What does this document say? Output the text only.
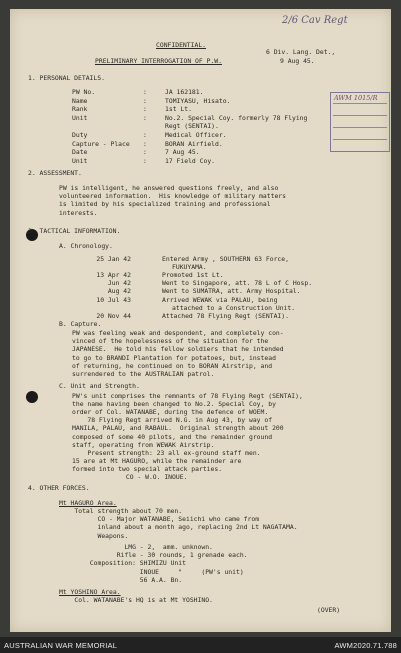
2/6 Cav Regt
CONFIDENTIAL.
PRELIMINARY INTERROGATION OF P.W.
6 Div. Lang. Det.,
9 Aug 45.
AWM 1015/R
1. PERSONAL DETAILS.
2. ASSESSMENT.
3. TACTICAL INFORMATION.
A. Chronology.
B. Capture.
C. Unit and Strength.
4. OTHER FORCES.
Mt HAGURO Area.
Mt YOSHINO Area.
Col. WATANABE's HQ is at Mt YOSHINO.
(OVER)
PW No.	:	JA 162181.
Name	:	TOMIYASU, Hisato.
Rank	:	1st Lt.
Unit	:	No.2. Special Coy. formerly 78 Flying
Regt (SENTAI).
Duty	:	Medical Officer.
Capture - Place :	BORAN Airfield.
Date	:	7 Aug 45.
Unit	:	17 Field Coy.
PW is intelligent, he answered questions freely, and also
volunteered information.  His knowledge of military matters
is limited by his specialized training and professional
interests.
25 Jan 42	Entered Army , SOUTHERN 63 Force,
FUKUYAMA.
13 Apr 42	Promoted 1st Lt.
Jun 42	Went to Singapore, att. 78 L of C Hosp.
Aug 42	Went to SUMATRA, att. Army Hospital.
10 Jul 43	Arrived WEWAK via PALAU, being
attached to a Construction Unit.
20 Nov 44	Attached 78 Flying Regt (SENTAI).
PW was feeling weak and despondent, and completely con-
vinced of the hopelessness of the situation for the
JAPANESE.  He told his fellow soldiers that he intended
to go to BRANDI Plantation for potatoes, but, instead
of returning, he continued on to BORAN Airstrip, and
surrendered to the AUSTRALIAN patrol.
PW's unit comprises the remnants of 78 Flying Regt (SENTAI),
the name having been changed to No.2. Special Coy, by
order of Col. WATANABE, during the defence of WOEM.
78 Flying Regt arrived N.G. in Aug 43, by way of
MANILA, PALAU, and RABAUL.  Original strength about 200
composed of some 40 pilots, and the remainder ground
staff, operating from WEWAK Airstrip.
Present strength: 23 all ex-ground staff men.
15 are at Mt HAGURO, while the remainder are
formed into two special attack parties.
CO - W.O. INOUE.
Total strength about 70 men.
CO - Major WATANABE, Seiichi who came from
inland about a month ago, replacing 2nd Lt NAGATAMA.
Weapons.
LMG - 2,  amm. unknown.
Rifle - 30 rounds, 1 grenade each.
Composition: SHIMIZU Unit
INOUE     "     (PW's unit)
56 A.A. Bn.
AUSTRALIAN WAR MEMORIAL	AWM2020.71.788
